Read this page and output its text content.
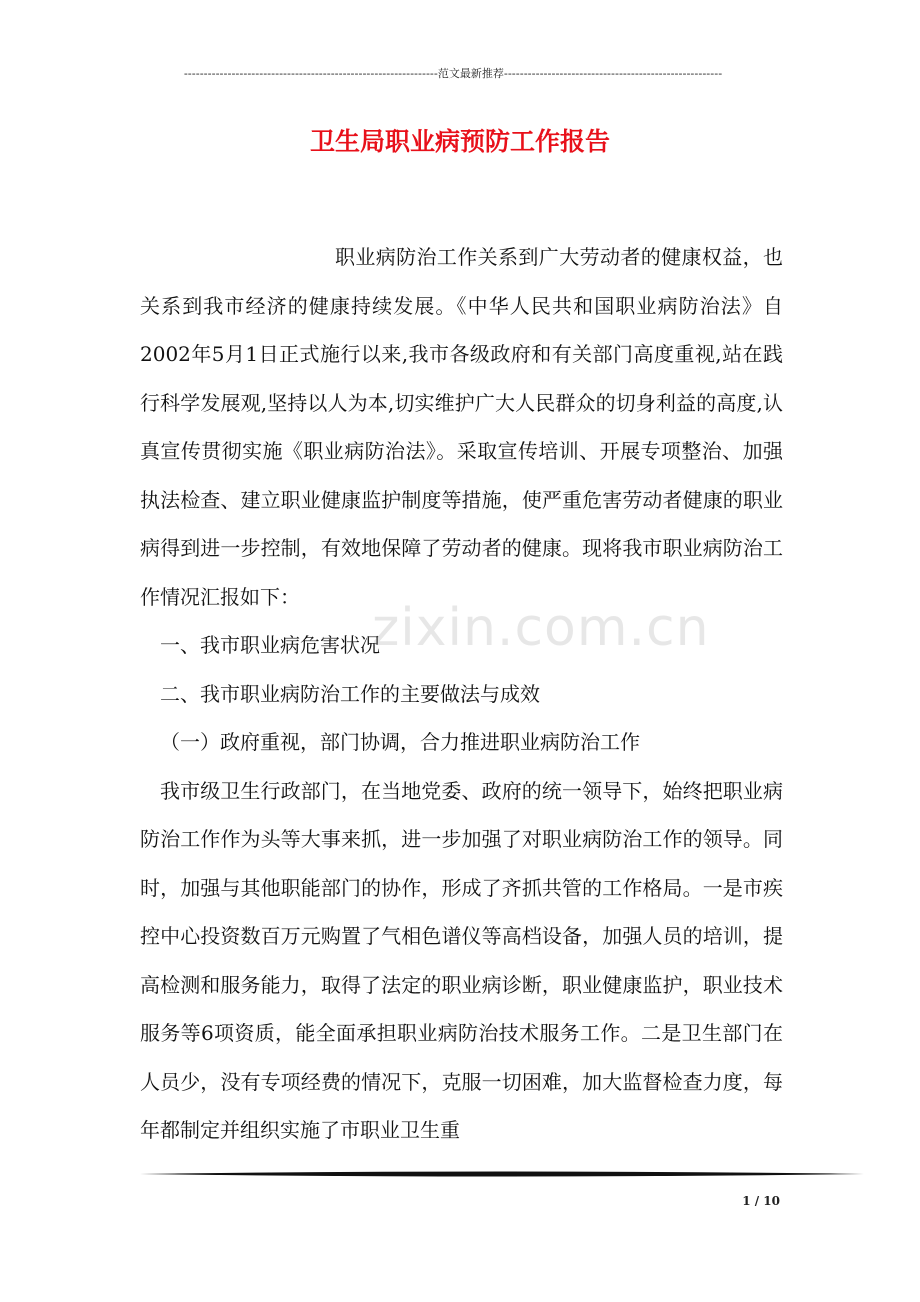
----------------------------------------------------------------范文最新推荐-------------------------------------------------------
卫生局职业病预防工作报告

职业病防治工作关系到广大劳动者的健康权益，也关系到我市经济的健康持续发展。《中华人民共和国职业病防治法》自2002年5月1日正式施行以来,我市各级政府和有关部门高度重视,站在践行科学发展观,坚持以人为本,切实维护广大人民群众的切身利益的高度,认真宣传贯彻实施《职业病防治法》。采取宣传培训、开展专项整治、加强执法检查、建立职业健康监护制度等措施，使严重危害劳动者健康的职业病得到进一步控制，有效地保障了劳动者的健康。现将我市职业病防治工作情况汇报如下：

一、我市职业病危害状况

二、我市职业病防治工作的主要做法与成效

（一）政府重视，部门协调，合力推进职业病防治工作

我市级卫生行政部门，在当地党委、政府的统一领导下，始终把职业病防治工作作为头等大事来抓，进一步加强了对职业病防治工作的领导。同时，加强与其他职能部门的协作，形成了齐抓共管的工作格局。一是市疾控中心投资数百万元购置了气相色谱仪等高档设备，加强人员的培训，提高检测和服务能力，取得了法定的职业病诊断，职业健康监护，职业技术服务等6项资质，能全面承担职业病防治技术服务工作。二是卫生部门在人员少，没有专项经费的情况下，克服一切困难，加大监督检查力度，每年都制定并组织实施了市职业卫生重

zixin.com.cn
1 / 10
